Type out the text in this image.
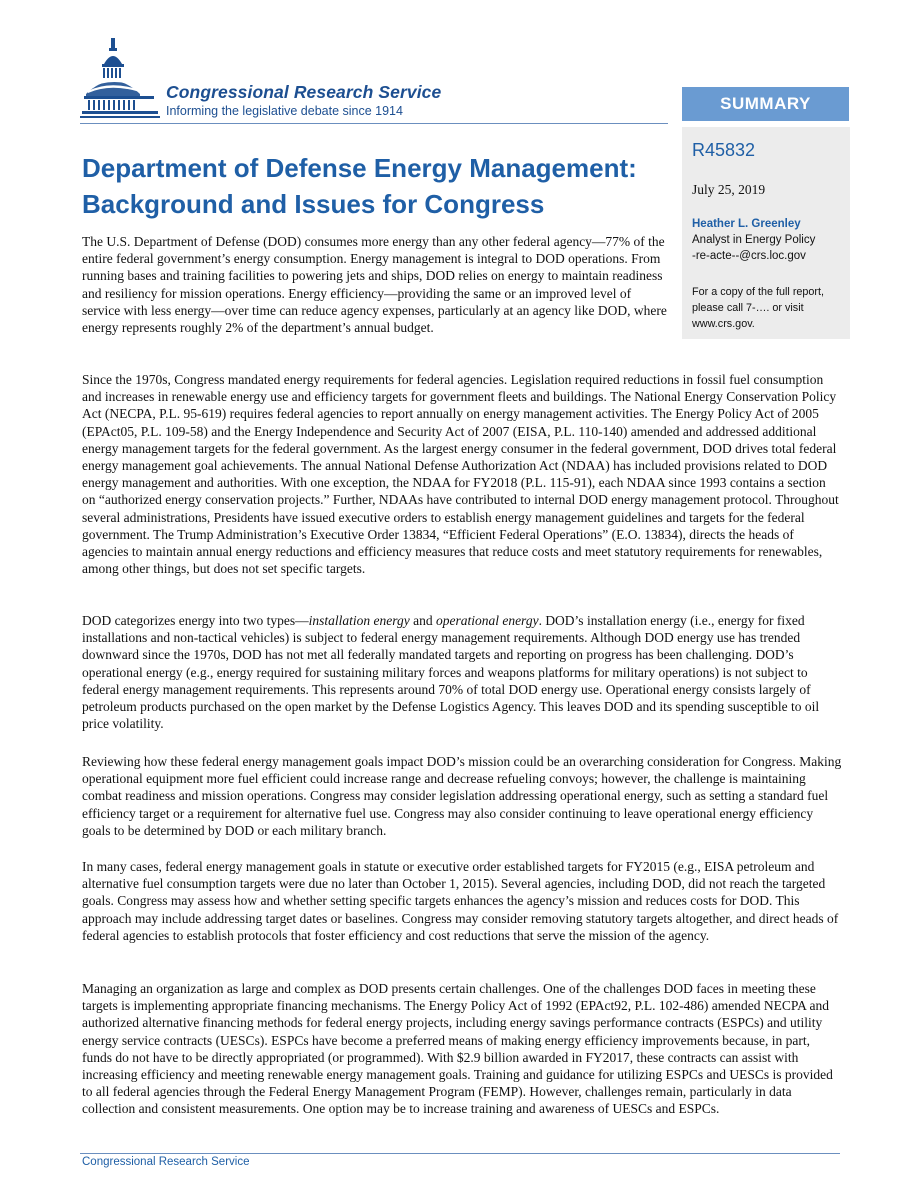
Congressional Research Service
Informing the legislative debate since 1914	SUMMARY
R45832
July 25, 2019
Heather L. Greenley
Analyst in Energy Policy
-re-acte--@crs.loc.gov
For a copy of the full report, please call 7-…. or visit www.crs.gov.
Department of Defense Energy Management: Background and Issues for Congress

The U.S. Department of Defense (DOD) consumes more energy than any other federal agency—77% of the entire federal government’s energy consumption. Energy management is integral to DOD operations. From running bases and training facilities to powering jets and ships, DOD relies on energy to maintain readiness and resiliency for mission operations. Energy efficiency—providing the same or an improved level of service with less energy—over time can reduce agency expenses, particularly at an agency like DOD, where energy represents roughly 2% of the department’s annual budget.

Since the 1970s, Congress mandated energy requirements for federal agencies. Legislation required reductions in fossil fuel consumption and increases in renewable energy use and efficiency targets for government fleets and buildings. The National Energy Conservation Policy Act (NECPA, P.L. 95-619) requires federal agencies to report annually on energy management activities. The Energy Policy Act of 2005 (EPAct05, P.L. 109-58) and the Energy Independence and Security Act of 2007 (EISA, P.L. 110-140) amended and addressed additional energy management targets for the federal government. As the largest energy consumer in the federal government, DOD drives total federal energy management goal achievements. The annual National Defense Authorization Act (NDAA) has included provisions related to DOD energy management and authorities. With one exception, the NDAA for FY2018 (P.L. 115-91), each NDAA since 1993 contains a section on “authorized energy conservation projects.” Further, NDAAs have contributed to internal DOD energy management protocol. Throughout several administrations, Presidents have issued executive orders to establish energy management guidelines and targets for the federal government. The Trump Administration’s Executive Order 13834, “Efficient Federal Operations” (E.O. 13834), directs the heads of agencies to maintain annual energy reductions and efficiency measures that reduce costs and meet statutory requirements for renewables, among other things, but does not set specific targets.

DOD categorizes energy into two types—installation energy and operational energy. DOD’s installation energy (i.e., energy for fixed installations and non-tactical vehicles) is subject to federal energy management requirements. Although DOD energy use has trended downward since the 1970s, DOD has not met all federally mandated targets and reporting on progress has been challenging. DOD’s operational energy (e.g., energy required for sustaining military forces and weapons platforms for military operations) is not subject to federal energy management requirements. This represents around 70% of total DOD energy use. Operational energy consists largely of petroleum products purchased on the open market by the Defense Logistics Agency. This leaves DOD and its spending susceptible to oil price volatility.

Reviewing how these federal energy management goals impact DOD’s mission could be an overarching consideration for Congress. Making operational equipment more fuel efficient could increase range and decrease refueling convoys; however, the challenge is maintaining combat readiness and mission operations. Congress may consider legislation addressing operational energy, such as setting a standard fuel efficiency target or a requirement for alternative fuel use. Congress may also consider continuing to leave operational energy efficiency goals to be determined by DOD or each military branch.

In many cases, federal energy management goals in statute or executive order established targets for FY2015 (e.g., EISA petroleum and alternative fuel consumption targets were due no later than October 1, 2015). Several agencies, including DOD, did not reach the targeted goals. Congress may assess how and whether setting specific targets enhances the agency’s mission and reduces costs for DOD. This approach may include addressing target dates or baselines. Congress may consider removing statutory targets altogether, and direct heads of federal agencies to establish protocols that foster efficiency and cost reductions that serve the mission of the agency.

Managing an organization as large and complex as DOD presents certain challenges. One of the challenges DOD faces in meeting these targets is implementing appropriate financing mechanisms. The Energy Policy Act of 1992 (EPAct92, P.L. 102-486) amended NECPA and authorized alternative financing methods for federal energy projects, including energy savings performance contracts (ESPCs) and utility energy service contracts (UESCs). ESPCs have become a preferred means of making energy efficiency improvements because, in part, funds do not have to be directly appropriated (or programmed). With $2.9 billion awarded in FY2017, these contracts can assist with increasing efficiency and meeting renewable energy management goals. Training and guidance for utilizing ESPCs and UESCs is provided to all federal agencies through the Federal Energy Management Program (FEMP). However, challenges remain, particularly in data collection and consistent measurements. One option may be to increase training and awareness of UESCs and ESPCs.

Congressional Research Service
